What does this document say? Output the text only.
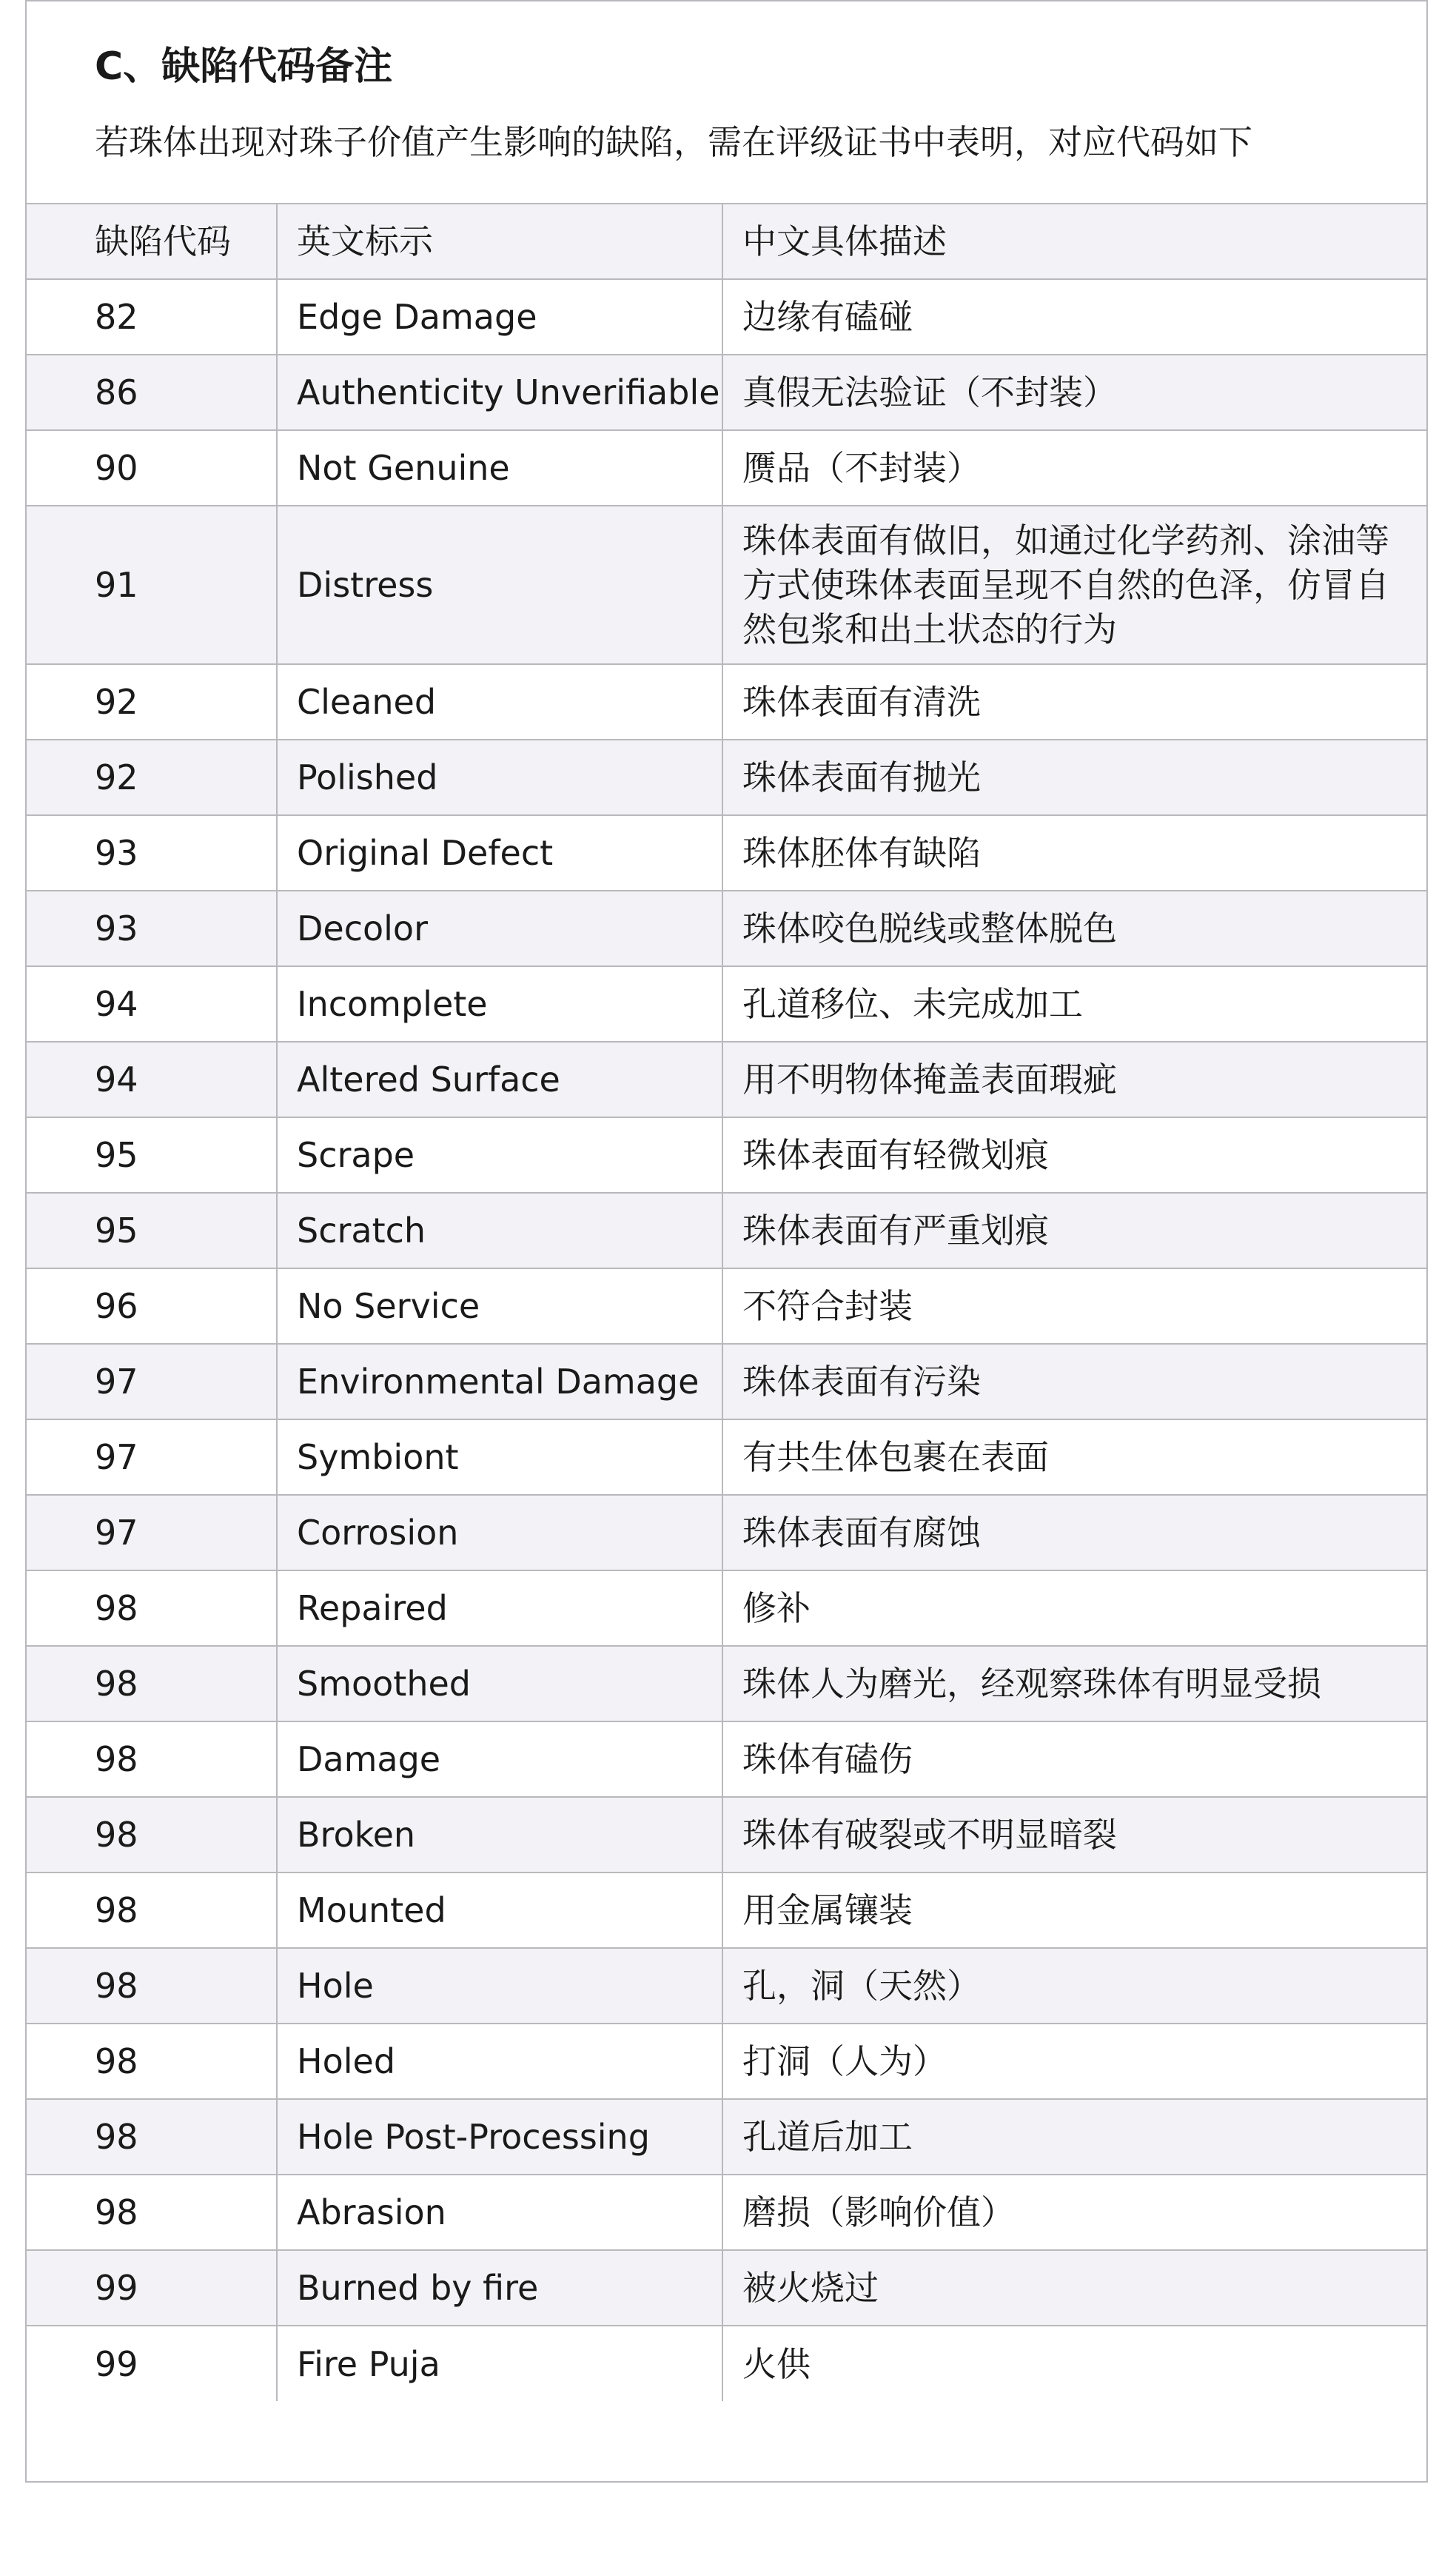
C、缺陷代码备注
若珠体出现对珠子价值产生影响的缺陷，需在评级证书中表明，对应代码如下
缺陷代码	英文标示	中文具体描述
82	Edge Damage	边缘有磕碰
86	Authenticity Unverifiable	真假无法验证（不封装）
90	Not Genuine	赝品（不封装）
91	Distress	珠体表面有做旧，如通过化学药剂、涂油等方式使珠体表面呈现不自然的色泽，仿冒自然包浆和出土状态的行为
92	Cleaned	珠体表面有清洗
92	Polished	珠体表面有抛光
93	Original Defect	珠体胚体有缺陷
93	Decolor	珠体咬色脱线或整体脱色
94	Incomplete	孔道移位、未完成加工
94	Altered Surface	用不明物体掩盖表面瑕疵
95	Scrape	珠体表面有轻微划痕
95	Scratch	珠体表面有严重划痕
96	No Service	不符合封装
97	Environmental Damage	珠体表面有污染
97	Symbiont	有共生体包裹在表面
97	Corrosion	珠体表面有腐蚀
98	Repaired	修补
98	Smoothed	珠体人为磨光，经观察珠体有明显受损
98	Damage	珠体有磕伤
98	Broken	珠体有破裂或不明显暗裂
98	Mounted	用金属镶装
98	Hole	孔，洞（天然）
98	Holed	打洞（人为）
98	Hole Post-Processing	孔道后加工
98	Abrasion	磨损（影响价值）
99	Burned by fire	被火烧过
99	Fire Puja	火供
